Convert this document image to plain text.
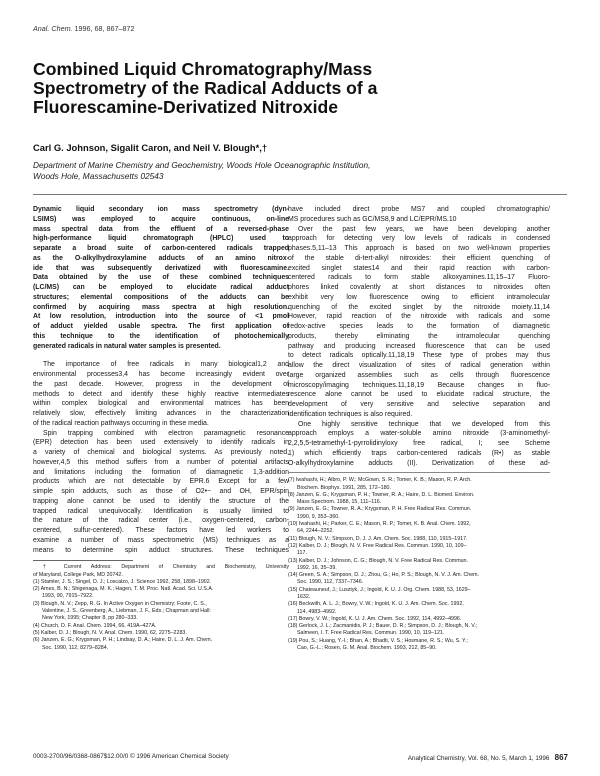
Anal. Chem. 1996, 68, 867–872
Combined Liquid Chromatography/Mass
Spectrometry of the Radical Adducts of a
Fluorescamine-Derivatized Nitroxide
Carl G. Johnson, Sigalit Caron, and Neil V. Blough*,†
Department of Marine Chemistry and Geochemistry, Woods Hole Oceanographic Institution,
Woods Hole, Massachusetts 02543
Dynamic liquid secondary ion mass spectrometry (dyn-
LSIMS) was employed to acquire continuous, on-line
mass spectral data from the effluent of a reversed-phase
high-performance liquid chromatograph (HPLC) used to
separate a broad suite of carbon-centered radicals trapped
as the O-alkylhydroxylamine adducts of an amino nitrox-
ide that was subsequently derivatized with fluorescamine.
Data obtained by the use of these combined techniques
(LC/MS) can be employed to elucidate radical adduct
structures; elemental compositions of the adducts can be
confirmed by acquiring mass spectra at high resolution.
At low resolution, introduction into the source of <1 pmol
of adduct yielded usable spectra. The first application of
this technique to the identification of photochemically
generated radicals in natural water samples is presented.
The importance of free radicals in many biological1,2 and
environmental processes3,4 has become increasingly evident over
the past decade. However, progress in the development of
methods to detect and identify these highly reactive intermediates
within complex biological and environmental matrices has been
relatively slow, effectively limiting advances in the characterization
of the radical reaction pathways occurring in these media.
Spin trapping combined with electron paramagnetic resonance
(EPR) detection has been used extensively to identify radicals in
a variety of chemical and biological systems. As previously noted,
however,4,5 this method suffers from a number of potential artifacts
and limitations including the formation of diamagnetic 1,3-addition
products which are not detectable by EPR.6 Except for a few
simple spin adducts, such as those of O2•− and OH, EPR/spin
trapping alone cannot be used to identify the structure of the
trapped radical unequivocally. Identification is usually limited to
the nature of the radical center (i.e., oxygen-centered, carbon-
centered, sulfur-centered). These factors have led workers to
examine a number of mass spectrometric (MS) techniques as a
means to determine spin adduct structures. These techniques
† Current Address: Department of Chemistry and Biochemistry, University
of Maryland, College Park, MD 20742.
(1) Stamler, J. S.; Singel, D. J.; Loscalzo, J. Science 1992, 258, 1898–1902.
(2) Ames, B. N.; Shigenaga, M. K.; Hagen, T. M. Proc. Natl. Acad. Sci. U.S.A.
1993, 90, 7915–7922.
(3) Blough, N. V.; Zepp, R. G. In Active Oxygen in Chemistry; Foote, C. S.,
Valentine, J. S., Greenberg, A., Liebman, J. F., Eds.; Chapman and Hall:
New York, 1995; Chapter 8, pp 280–333.
(4) Church, D. F. Anal. Chem. 1994, 66, 419A–427A.
(5) Kalber, D. J.; Blough, N. V. Anal. Chem. 1990, 62, 2275–2283.
(6) Janzen, E. G.; Krygsman, P. H.; Lindsay, D. A.; Haire, D. L. J. Am. Chem.
Soc. 1990, 112, 8279–8284.
have included direct probe MS7 and coupled chromatographic/
MS procedures such as GC/MS8,9 and LC/EPR/MS.10
Over the past few years, we have been developing another
approach for detecting very low levels of radicals in condensed
phases.5,11–13 This approach is based on two well-known properties
of the stable di-tert-alkyl nitroxides: their efficient quenching of
excited singlet states14 and their rapid reaction with carbon-
centered radicals to form stable alkoxyamines.11,15–17 Fluoro-
phores linked covalently at short distances to nitroxides often
exhibit very low fluorescence owing to efficient intramolecular
quenching of the excited singlet by the nitroxide moiety.11,14
However, rapid reaction of the nitroxide with radicals and some
redox-active species leads to the formation of diamagnetic
products, thereby eliminating the intramolecular quenching
pathway and producing increased fluorescence that can be used
to detect radicals optically.11,18,19 These type of probes may thus
allow the direct visualization of sites of radical generation within
large organized assemblies such as cells through fluorescence
microscopy/imaging techniques.11,18,19 Because changes in fluo-
rescence alone cannot be used to elucidate radical structure, the
development of very sensitive and selective separation and
identification techniques is also required.
One highly sensitive technique that we developed from this
approach employs a water-soluble amino nitroxide (3-aminomethyl-
2,2,5,5-tetramethyl-1-pyrrolidinyloxy free radical, I; see Scheme
1) which efficiently traps carbon-centered radicals (R•) as stable
O-alkylhydroxylamine adducts (II). Derivatization of these ad-
(7) Iwahashi, H.; Albro, P. W.; McGown, S. R.; Tomer, K. B.; Mason, R. P. Arch.
Biochem. Biophys. 1991, 285, 172–180.
(8) Janzen, E. G.; Krygsman, P. H.; Towner, R. A.; Haire, D. L. Biomed. Environ.
Mass Spectrom. 1988, 15, 111–116.
(9) Janzen, E. G.; Towner, R. A.; Krygsman, P. H. Free Radical Res. Commun.
1990, 9, 353–360.
(10) Iwahashi, H.; Parker, C. E.; Mason, R. P.; Tomer, K. B. Anal. Chem. 1992,
64, 2244–2252.
(11) Blough, N. V.; Simpson, D. J. J. Am. Chem. Soc. 1988, 110, 1915–1917.
(12) Kalber, D. J.; Blough, N. V. Free Radical Res. Commun. 1990, 10, 109–
117.
(13) Kalber, D. J.; Johnson, C. G.; Blough, N. V. Free Radical Res. Commun.
1992, 16, 35–39.
(14) Green, S. A.; Simpson, D. J.; Zhou, G.; Ho, P. S.; Blough, N. V. J. Am. Chem.
Soc. 1990, 112, 7337–7346.
(15) Chateauneuf, J.; Lusztyk, J.; Ingold, K. U. J. Org. Chem. 1988, 53, 1629–
1632.
(16) Beckwith, A. L. J.; Bowry, V. W.; Ingold, K. U. J. Am. Chem. Soc. 1992,
114, 4983–4992.
(17) Bowry, V. W.; Ingold, K. U. J. Am. Chem. Soc. 1992, 114, 4992–4996.
(18) Gerlock, J. L.; Zacmanidis, P. J.; Bauer, D. R.; Simpson, D. J.; Blough, N. V.;
Salmeen, I. T. Free Radical Res. Commun. 1990, 10, 119–121.
(19) Pou, S.; Huang, Y.-I.; Bhan, A.; Bhadti, V. S.; Hosmane, R. S.; Wu, S. Y.;
Cao, G.-L.; Rosen, G. M. Anal. Biochem. 1993, 212, 85–90.
0003-2700/96/0368-0867$12.00/0 © 1996 American Chemical Society	Analytical Chemistry, Vol. 68, No. 5, March 1, 1996 867
